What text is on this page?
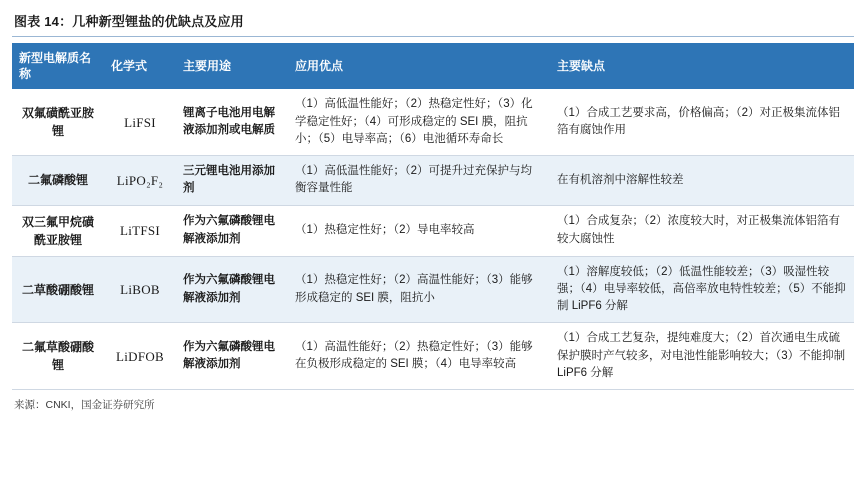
图表 14：几种新型锂盐的优缺点及应用
新型电解质名称	化学式	主要用途	应用优点	主要缺点
双氟磺酰亚胺锂	LiFSI	锂离子电池用电解液添加剂或电解质	（1）高低温性能好；（2）热稳定性好；（3）化学稳定性好；（4）可形成稳定的 SEI 膜，阻抗小；（5）电导率高；（6）电池循环寿命长	（1）合成工艺要求高，价格偏高；（2）对正极集流体铝箔有腐蚀作用
二氟磷酸锂	LiPO₂F₂	三元锂电池用添加剂	（1）高低温性能好；（2）可提升过充保护与均衡容量性能	在有机溶剂中溶解性较差
双三氟甲烷磺酰亚胺锂	LiTFSI	作为六氟磷酸锂电解液添加剂	（1）热稳定性好；（2）导电率较高	（1）合成复杂；（2）浓度较大时，对正极集流体铝箔有较大腐蚀性
二草酸硼酸锂	LiBOB	作为六氟磷酸锂电解液添加剂	（1）热稳定性好；（2）高温性能好；（3）能够形成稳定的 SEI 膜，阻抗小	（1）溶解度较低；（2）低温性能较差；（3）吸湿性较强；（4）电导率较低，高倍率放电特性较差；（5）不能抑制 LiPF6 分解
二氟草酸硼酸锂	LiDFOB	作为六氟磷酸锂电解液添加剂	（1）高温性能好；（2）热稳定性好；（3）能够在负极形成稳定的 SEI 膜；（4）电导率较高	（1）合成工艺复杂，提纯难度大；（2）首次通电生成硫保护膜时产气较多，对电池性能影响较大；（3）不能抑制 LiPF6 分解
来源：CNKI，国金证券研究所
